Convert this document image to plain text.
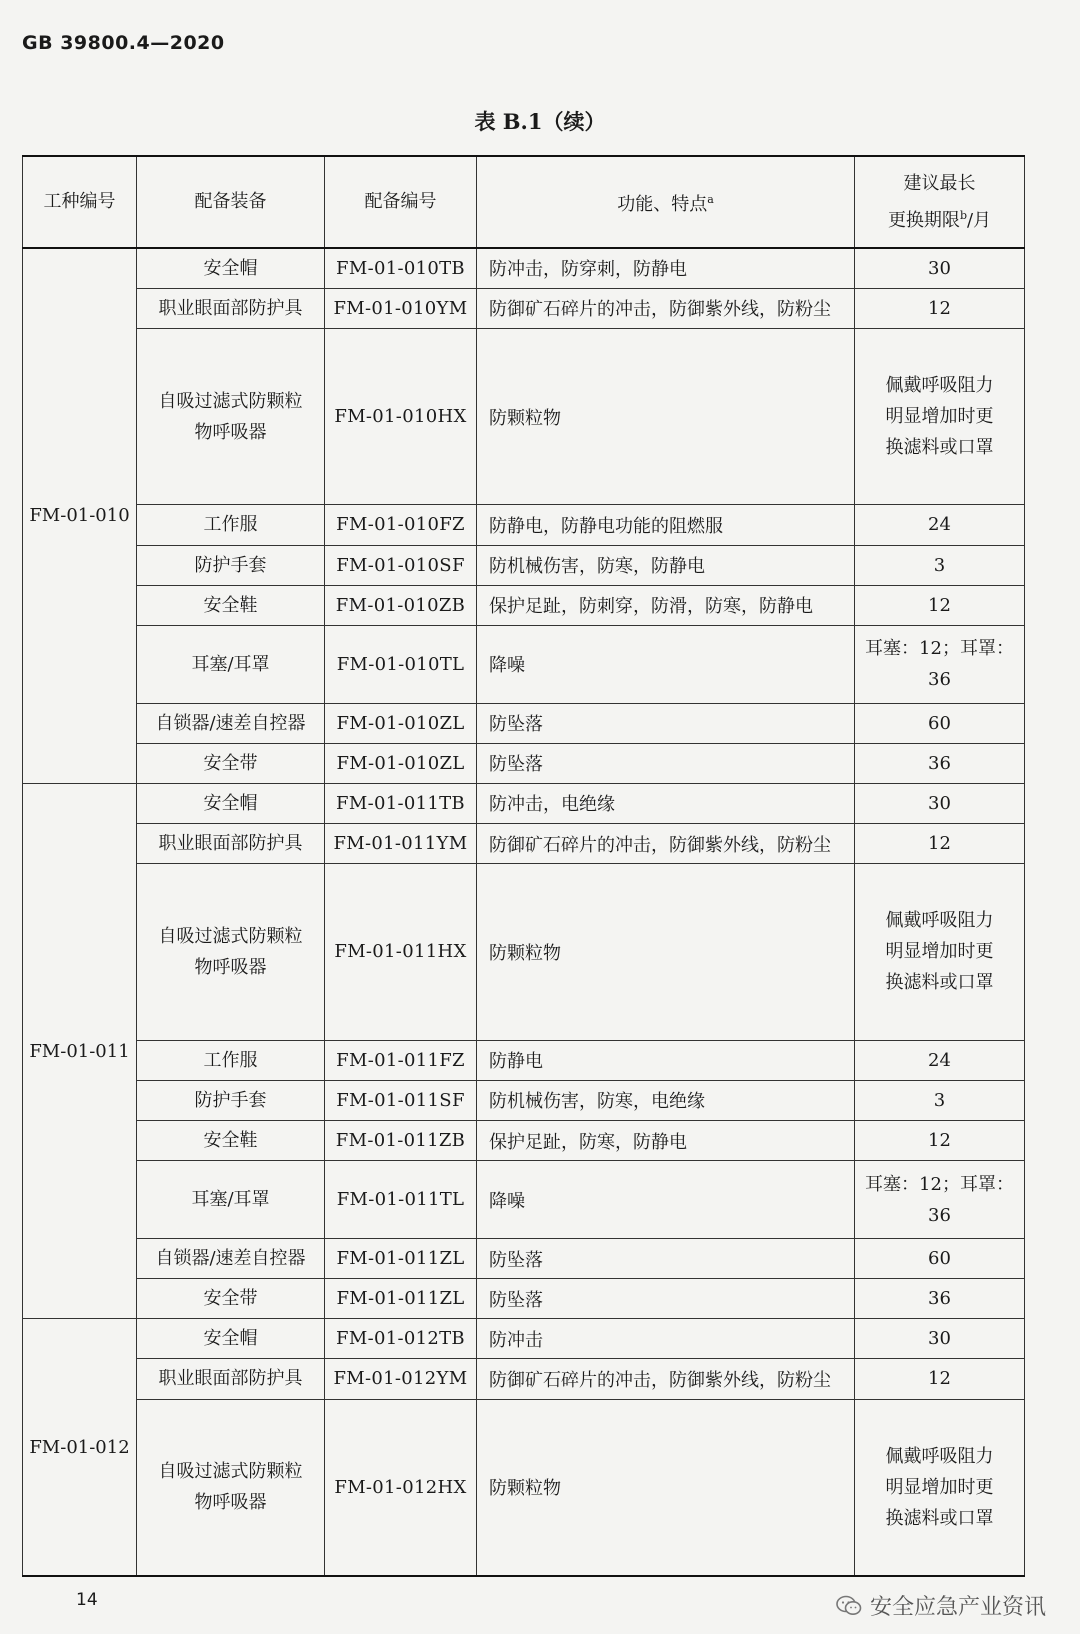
GB 39800.4—2020
表 B.1（续）
工种编号	配备装备	配备编号	功能、特点$^a$	建议最长
更换期限$^b$/月
FM-01-010	安全帽	FM-01-010TB	防冲击，防穿刺，防静电	30
	职业眼面部防护具	FM-01-010YM	防御矿石碎片的冲击，防御紫外线，防粉尘	12
	自吸过滤式防颗粒物呼吸器	FM-01-010HX	防颗粒物	佩戴呼吸阻力明显增加时更换滤料或口罩
	工作服	FM-01-010FZ	防静电，防静电功能的阻燃服	24
	防护手套	FM-01-010SF	防机械伤害，防寒，防静电	3
	安全鞋	FM-01-010ZB	保护足趾，防刺穿，防滑，防寒，防静电	12
	耳塞/耳罩	FM-01-010TL	降噪	耳塞：12；耳罩：36
	自锁器/速差自控器	FM-01-010ZL	防坠落	60
	安全带	FM-01-010ZL	防坠落	36
FM-01-011	安全帽	FM-01-011TB	防冲击，电绝缘	30
	职业眼面部防护具	FM-01-011YM	防御矿石碎片的冲击，防御紫外线，防粉尘	12
	自吸过滤式防颗粒物呼吸器	FM-01-011HX	防颗粒物	佩戴呼吸阻力明显增加时更换滤料或口罩
	工作服	FM-01-011FZ	防静电	24
	防护手套	FM-01-011SF	防机械伤害，防寒，电绝缘	3
	安全鞋	FM-01-011ZB	保护足趾，防寒，防静电	12
	耳塞/耳罩	FM-01-011TL	降噪	耳塞：12；耳罩：36
	自锁器/速差自控器	FM-01-011ZL	防坠落	60
	安全带	FM-01-011ZL	防坠落	36
FM-01-012	安全帽	FM-01-012TB	防冲击	30
	职业眼面部防护具	FM-01-012YM	防御矿石碎片的冲击，防御紫外线，防粉尘	12
	自吸过滤式防颗粒物呼吸器	FM-01-012HX	防颗粒物	佩戴呼吸阻力明显增加时更换滤料或口罩
14	安全应急产业资讯
